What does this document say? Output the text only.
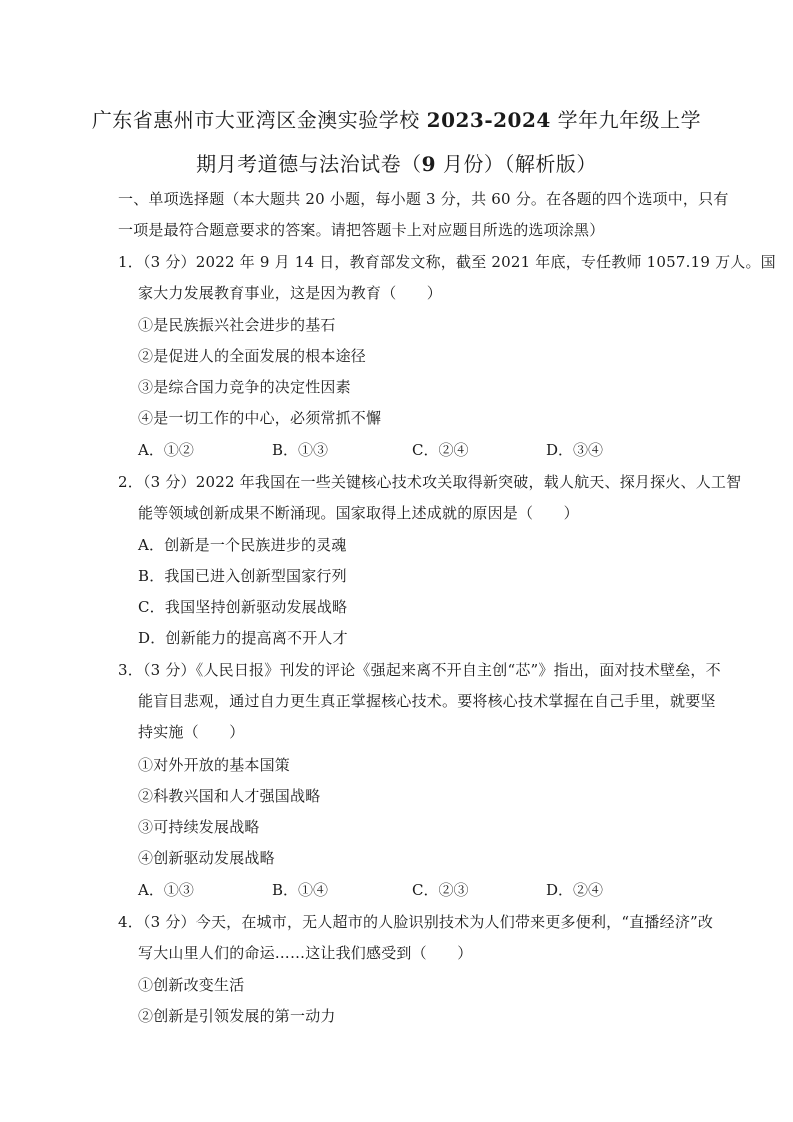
广东省惠州市大亚湾区金澳实验学校 2023-2024 学年九年级上学
期月考道德与法治试卷（9 月份）（解析版）
一、单项选择题（本大题共 20 小题，每小题 3 分，共 60 分。在各题的四个选项中，只有
一项是最符合题意要求的答案。请把答题卡上对应题目所选的选项涂黑）
1．（3 分）2022 年 9 月 14 日，教育部发文称，截至 2021 年底，专任教师 1057.19 万人。国
家大力发展教育事业，这是因为教育（　　）
①是民族振兴社会进步的基石
②是促进人的全面发展的根本途径
③是综合国力竞争的决定性因素
④是一切工作的中心，必须常抓不懈
A．①②	B．①③	C．②④	D．③④
2．（3 分）2022 年我国在一些关键核心技术攻关取得新突破，载人航天、探月探火、人工智
能等领域创新成果不断涌现。国家取得上述成就的原因是（　　）
A．创新是一个民族进步的灵魂
B．我国已进入创新型国家行列
C．我国坚持创新驱动发展战略
D．创新能力的提高离不开人才
3．（3 分）《人民日报》刊发的评论《强起来离不开自主创“芯”》指出，面对技术壁垒，不
能盲目悲观，通过自力更生真正掌握核心技术。要将核心技术掌握在自己手里，就要坚
持实施（　　）
①对外开放的基本国策
②科教兴国和人才强国战略
③可持续发展战略
④创新驱动发展战略
A．①③	B．①④	C．②③	D．②④
4．（3 分）今天，在城市，无人超市的人脸识别技术为人们带来更多便利，“直播经济”改
写大山里人们的命运……这让我们感受到（　　）
①创新改变生活
②创新是引领发展的第一动力
